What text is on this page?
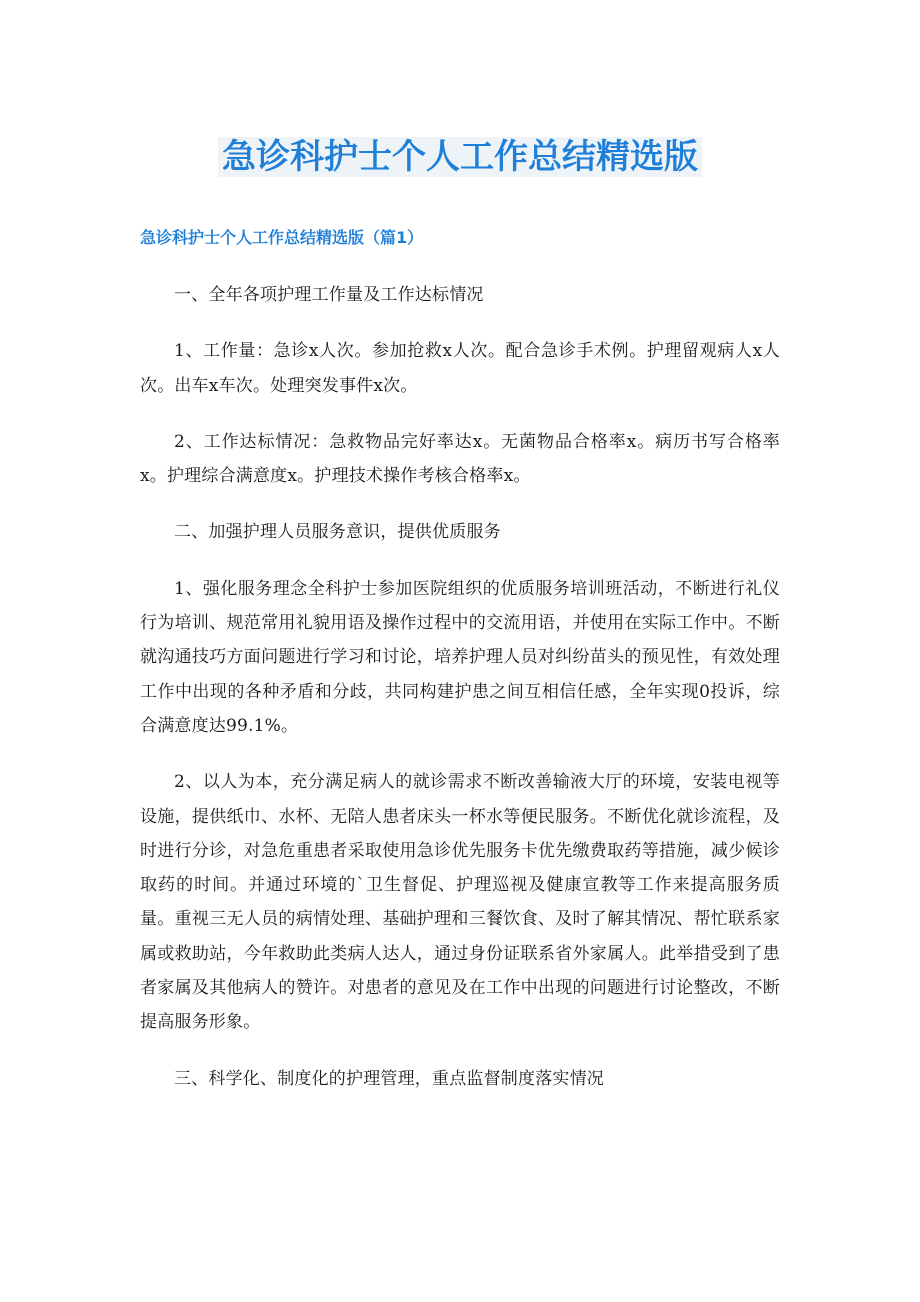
急诊科护士个人工作总结精选版

急诊科护士个人工作总结精选版（篇1）

一、全年各项护理工作量及工作达标情况

1、工作量：急诊x人次。参加抢救x人次。配合急诊手术例。护理留观病人x人次。出车x车次。处理突发事件x次。

2、工作达标情况：急救物品完好率达x。无菌物品合格率x。病历书写合格率x。护理综合满意度x。护理技术操作考核合格率x。

二、加强护理人员服务意识，提供优质服务

1、强化服务理念全科护士参加医院组织的优质服务培训班活动，不断进行礼仪行为培训、规范常用礼貌用语及操作过程中的交流用语，并使用在实际工作中。不断就沟通技巧方面问题进行学习和讨论，培养护理人员对纠纷苗头的预见性，有效处理工作中出现的各种矛盾和分歧，共同构建护患之间互相信任感，全年实现0投诉，综合满意度达99.1%。

2、以人为本，充分满足病人的就诊需求不断改善输液大厅的环境，安装电视等设施，提供纸巾、水杯、无陪人患者床头一杯水等便民服务。不断优化就诊流程，及时进行分诊，对急危重患者采取使用急诊优先服务卡优先缴费取药等措施，减少候诊取药的时间。并通过环境的`卫生督促、护理巡视及健康宣教等工作来提高服务质量。重视三无人员的病情处理、基础护理和三餐饮食、及时了解其情况、帮忙联系家属或救助站，今年救助此类病人达人，通过身份证联系省外家属人。此举措受到了患者家属及其他病人的赞许。对患者的意见及在工作中出现的问题进行讨论整改，不断提高服务形象。

三、科学化、制度化的护理管理，重点监督制度落实情况
